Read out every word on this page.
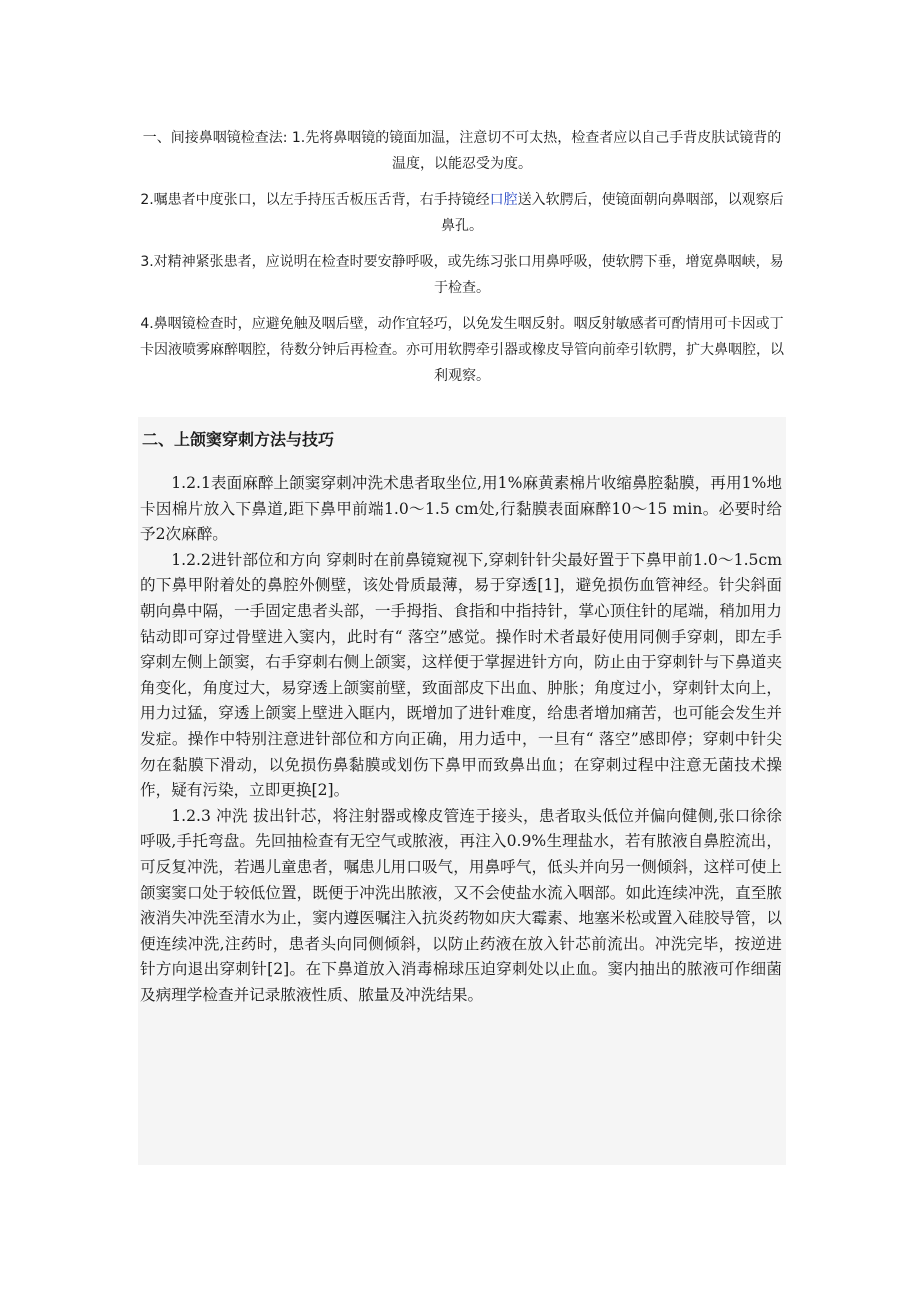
一、间接鼻咽镜检查法: 1.先将鼻咽镜的镜面加温，注意切不可太热，检查者应以自己手背皮肤试镜背的温度，以能忍受为度。

2.嘱患者中度张口，以左手持压舌板压舌背，右手持镜经口腔送入软腭后，使镜面朝向鼻咽部，以观察后鼻孔。

3.对精神紧张患者，应说明在检查时要安静呼吸，或先练习张口用鼻呼吸，使软腭下垂，增宽鼻咽峡，易于检查。

4.鼻咽镜检查时，应避免触及咽后壁，动作宜轻巧，以免发生咽反射。咽反射敏感者可酌情用可卡因或丁卡因液喷雾麻醉咽腔，待数分钟后再检查。亦可用软腭牵引器或橡皮导管向前牵引软腭，扩大鼻咽腔，以利观察。

二、上颌窦穿刺方法与技巧

1.2.1表面麻醉上颌窦穿刺冲洗术患者取坐位,用1%麻黄素棉片收缩鼻腔黏膜，再用1%地卡因棉片放入下鼻道,距下鼻甲前端1.0～1.5 cm处,行黏膜表面麻醉10～15 min。必要时给予2次麻醉。

1.2.2进针部位和方向 穿刺时在前鼻镜窥视下,穿刺针针尖最好置于下鼻甲前1.0～1.5cm的下鼻甲附着处的鼻腔外侧壁，该处骨质最薄，易于穿透[1]，避免损伤血管神经。针尖斜面朝向鼻中隔，一手固定患者头部，一手拇指、食指和中指持针，掌心顶住针的尾端，稍加用力钻动即可穿过骨壁进入窦内，此时有“ 落空”感觉。操作时术者最好使用同侧手穿刺，即左手穿刺左侧上颌窦，右手穿刺右侧上颌窦，这样便于掌握进针方向，防止由于穿刺针与下鼻道夹角变化，角度过大，易穿透上颌窦前壁，致面部皮下出血、肿胀；角度过小，穿刺针太向上，用力过猛，穿透上颌窦上壁进入眶内，既增加了进针难度，给患者增加痛苦，也可能会发生并发症。操作中特别注意进针部位和方向正确，用力适中，一旦有“ 落空”感即停；穿刺中针尖勿在黏膜下滑动，以免损伤鼻黏膜或划伤下鼻甲而致鼻出血；在穿刺过程中注意无菌技术操作，疑有污染，立即更换[2]。

1.2.3 冲洗 拔出针芯，将注射器或橡皮管连于接头，患者取头低位并偏向健侧,张口徐徐呼吸,手托弯盘。先回抽检查有无空气或脓液，再注入0.9%生理盐水，若有脓液自鼻腔流出，可反复冲洗，若遇儿童患者，嘱患儿用口吸气，用鼻呼气，低头并向另一侧倾斜，这样可使上颌窦窦口处于较低位置，既便于冲洗出脓液，又不会使盐水流入咽部。如此连续冲洗，直至脓液消失冲洗至清水为止，窦内遵医嘱注入抗炎药物如庆大霉素、地塞米松或置入硅胶导管，以便连续冲洗,注药时，患者头向同侧倾斜，以防止药液在放入针芯前流出。冲洗完毕，按逆进针方向退出穿刺针[2]。在下鼻道放入消毒棉球压迫穿刺处以止血。窦内抽出的脓液可作细菌及病理学检查并记录脓液性质、脓量及冲洗结果。
